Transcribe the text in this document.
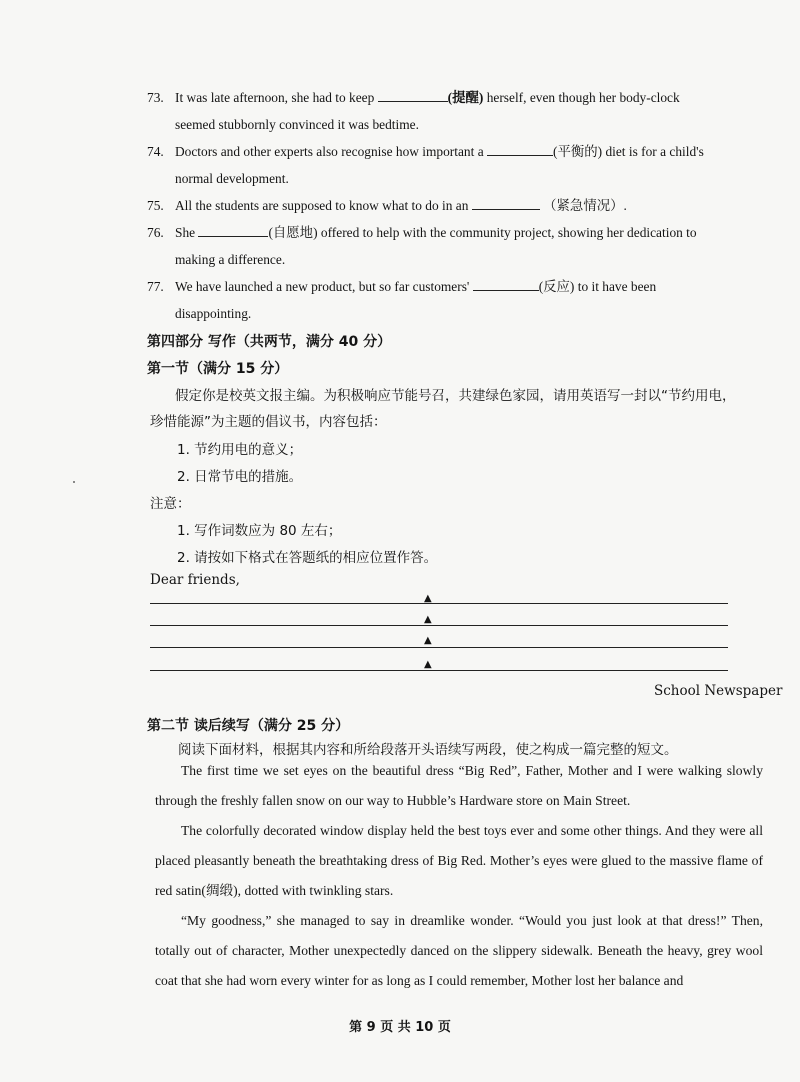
73. It was late afternoon, she had to keep	(提醒) herself, even though her body-clock
seemed stubbornly convinced it was bedtime.
74. Doctors and other experts also recognise how important a	(平衡的) diet is for a child's
normal development.
75. All the students are supposed to know what to do in an	（紧急情况）.
76. She	(自愿地) offered to help with the community project, showing her dedication to
making a difference.
77. We have launched a new product, but so far customers'	(反应) to it have been
disappointing.
第四部分 写作（共两节，满分 40 分）
第一节（满分 15 分）
假定你是校英文报主编。为积极响应节能号召，共建绿色家园，请用英语写一封以“节约用电，
珍惜能源”为主题的倡议书，内容包括：
1. 节约用电的意义；
2. 日常节电的措施。
注意：
1. 写作词数应为 80 左右；
2. 请按如下格式在答题纸的相应位置作答。
Dear friends,
▲
▲
▲
▲
School Newspaper
第二节 读后续写（满分 25 分）
阅读下面材料，根据其内容和所给段落开头语续写两段，使之构成一篇完整的短文。
The first time we set eyes on the beautiful dress “Big Red”, Father, Mother and I were walking slowly through the freshly fallen snow on our way to Hubble’s Hardware store on Main Street.
The colorfully decorated window display held the best toys ever and some other things. And they were all placed pleasantly beneath the breathtaking dress of Big Red. Mother’s eyes were glued to the massive flame of red satin(绸缎), dotted with twinkling stars.
“My goodness,” she managed to say in dreamlike wonder. “Would you just look at that dress!” Then, totally out of character, Mother unexpectedly danced on the slippery sidewalk. Beneath the heavy, grey wool coat that she had worn every winter for as long as I could remember, Mother lost her balance and
第 9 页 共 10 页
